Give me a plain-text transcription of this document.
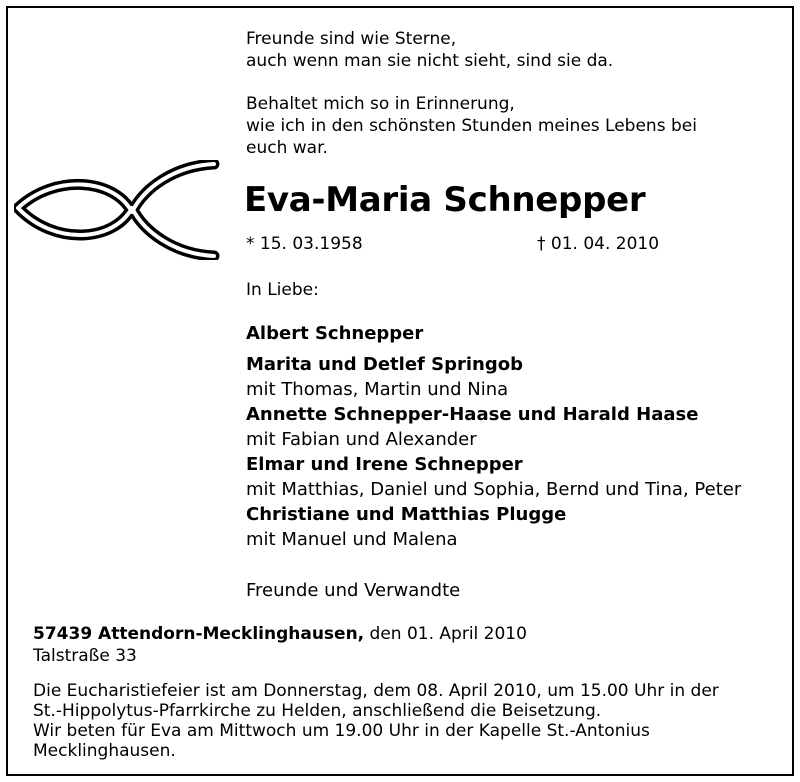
Freunde sind wie Sterne,
auch wenn man sie nicht sieht, sind sie da.
Behaltet mich so in Erinnerung,
wie ich in den schönsten Stunden meines Lebens bei
euch war.
Eva-Maria Schnepper
* 15. 03.1958	† 01. 04. 2010
In Liebe:
Albert Schnepper
Marita und Detlef Springob
mit Thomas, Martin und Nina
Annette Schnepper-Haase und Harald Haase
mit Fabian und Alexander
Elmar und Irene Schnepper
mit Matthias, Daniel und Sophia, Bernd und Tina, Peter
Christiane und Matthias Plugge
mit Manuel und Malena
Freunde und Verwandte
57439 Attendorn-Mecklinghausen, den 01. April 2010
Talstraße 33
Die Eucharistiefeier ist am Donnerstag, dem 08. April 2010, um 15.00 Uhr in der
St.-Hippolytus-Pfarrkirche zu Helden, anschließend die Beisetzung.
Wir beten für Eva am Mittwoch um 19.00 Uhr in der Kapelle St.-Antonius
Mecklinghausen.
